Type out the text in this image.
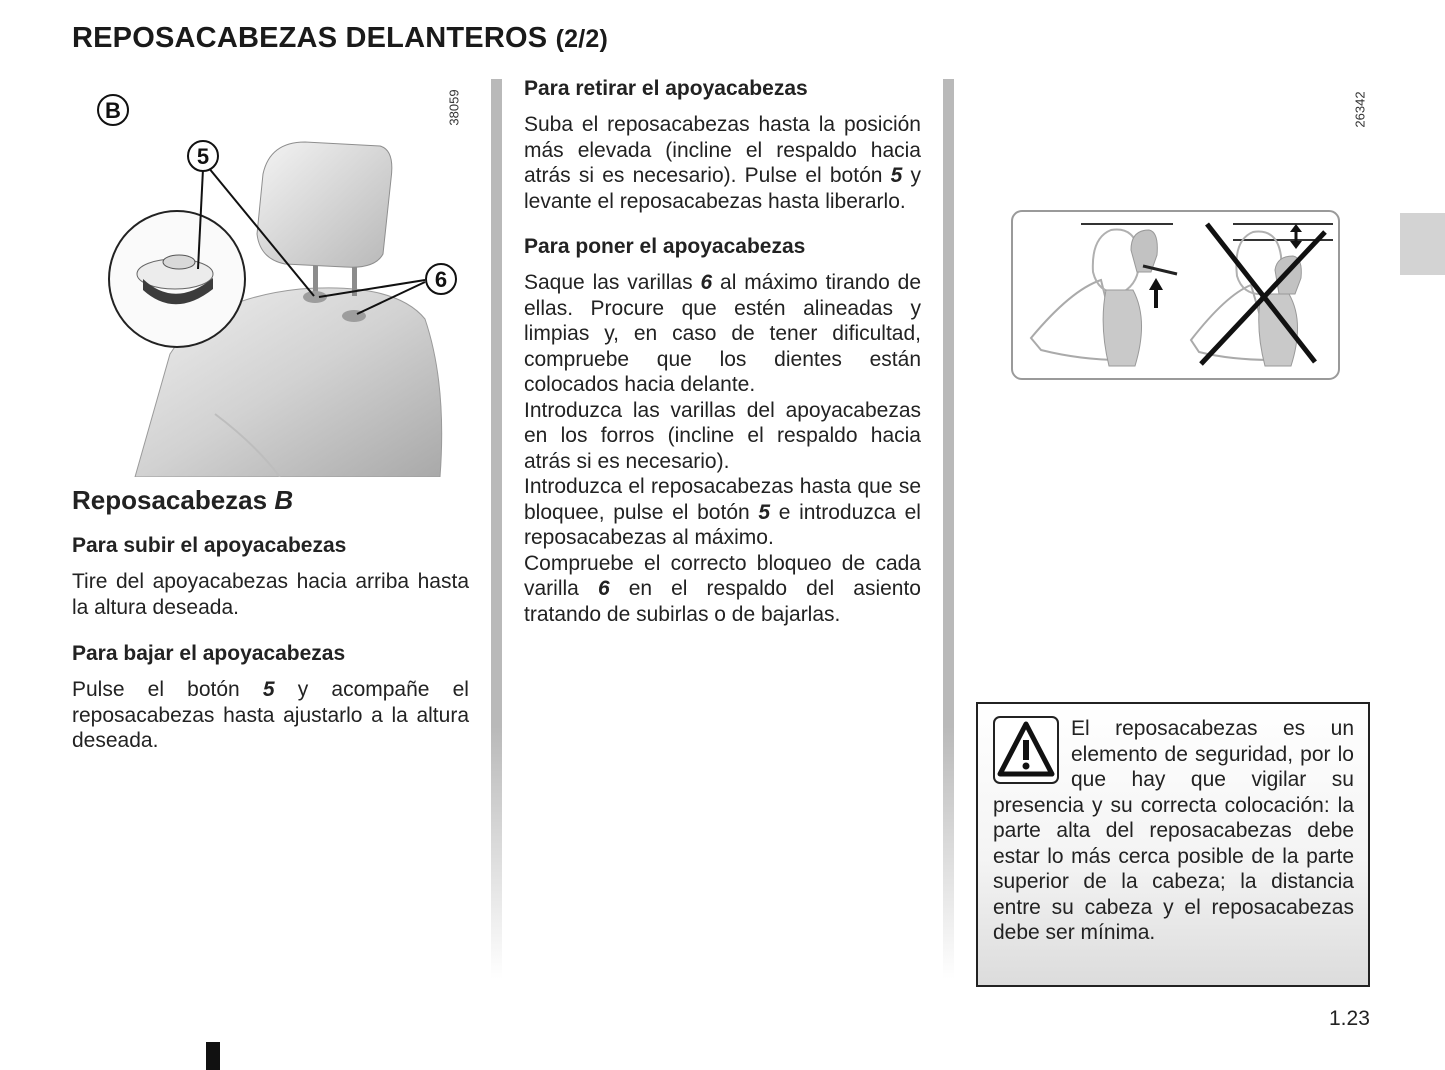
REPOSACABEZAS DELANTEROS (2/2)
B
5
6
38059
Reposacabezas B
Para subir el apoyacabezas

Tire del apoyacabezas hacia arriba hasta la altura deseada.

Para bajar el apoyacabezas

Pulse el botón 5 y acompañe el reposacabezas hasta ajustarlo a la altura deseada.

Para retirar el apoyacabezas

Suba el reposacabezas hasta la posición más elevada (incline el respaldo hacia atrás si es necesario). Pulse el botón 5 y levante el reposacabezas hasta liberarlo.

Para poner el apoyacabezas

Saque las varillas 6 al máximo tirando de ellas. Procure que estén alineadas y limpias y, en caso de tener dificultad, compruebe que los dientes están colocados hacia delante.

Introduzca las varillas del apoyacabezas en los forros (incline el respaldo hacia atrás si es necesario).

Introduzca el reposacabezas hasta que se bloquee, pulse el botón 5 e introduzca el reposacabezas al máximo.

Compruebe el correcto bloqueo de cada varilla 6 en el respaldo del asiento tratando de subirlas o de bajarlas.

26342

El reposacabezas es un elemento de seguridad, por lo que hay que vigilar su presencia y su correcta colocación: la parte alta del reposacabezas debe estar lo más cerca posible de la parte superior de la cabeza; la distancia entre su cabeza y el reposacabezas debe ser mínima.

1.23
